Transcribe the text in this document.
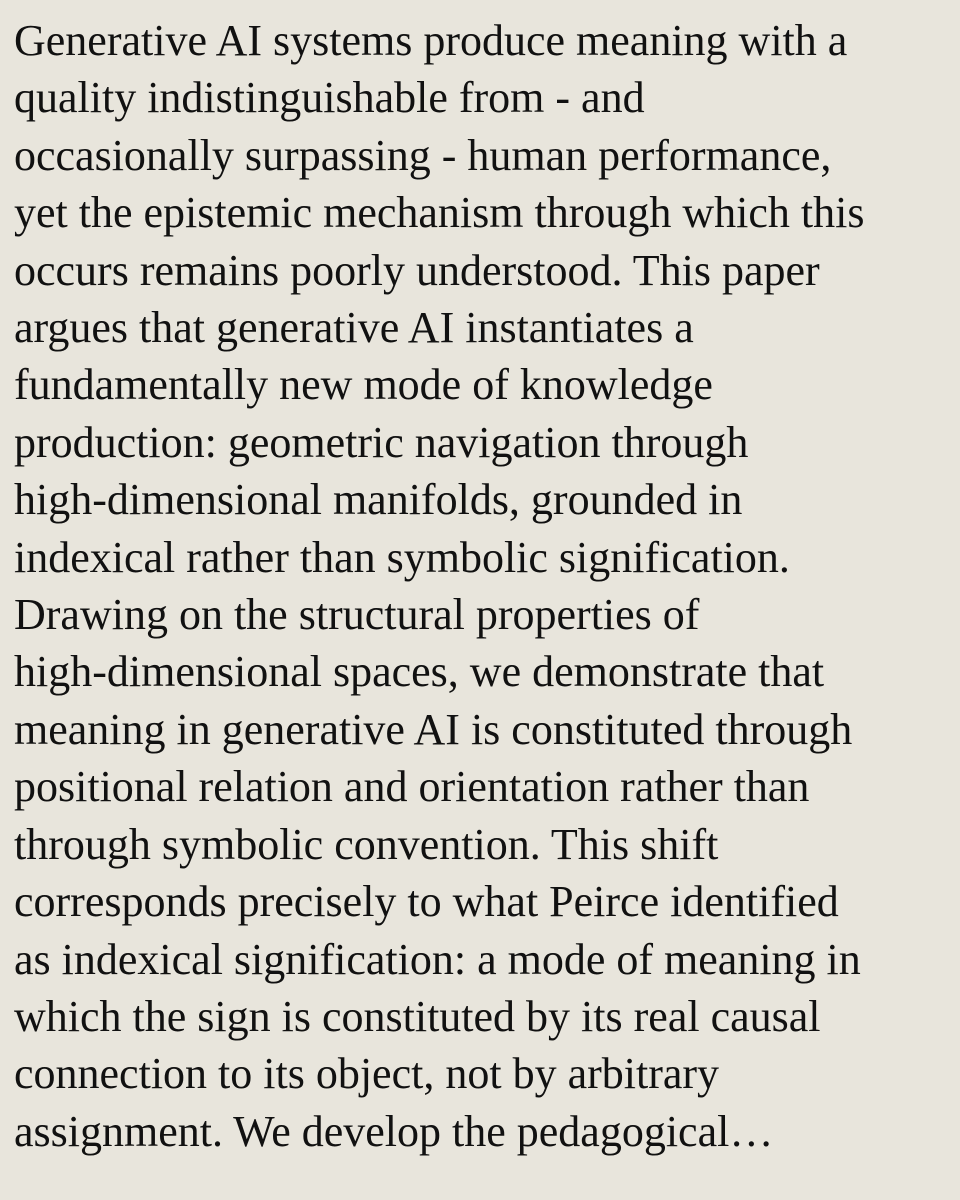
Generative AI systems produce meaning with a
quality indistinguishable from - and
occasionally surpassing - human performance,
yet the epistemic mechanism through which this
occurs remains poorly understood. This paper
argues that generative AI instantiates a
fundamentally new mode of knowledge
production: geometric navigation through
high-dimensional manifolds, grounded in
indexical rather than symbolic signification.
Drawing on the structural properties of
high-dimensional spaces, we demonstrate that
meaning in generative AI is constituted through
positional relation and orientation rather than
through symbolic convention. This shift
corresponds precisely to what Peirce identified
as indexical signification: a mode of meaning in
which the sign is constituted by its real causal
connection to its object, not by arbitrary
assignment. We develop the pedagogical…
